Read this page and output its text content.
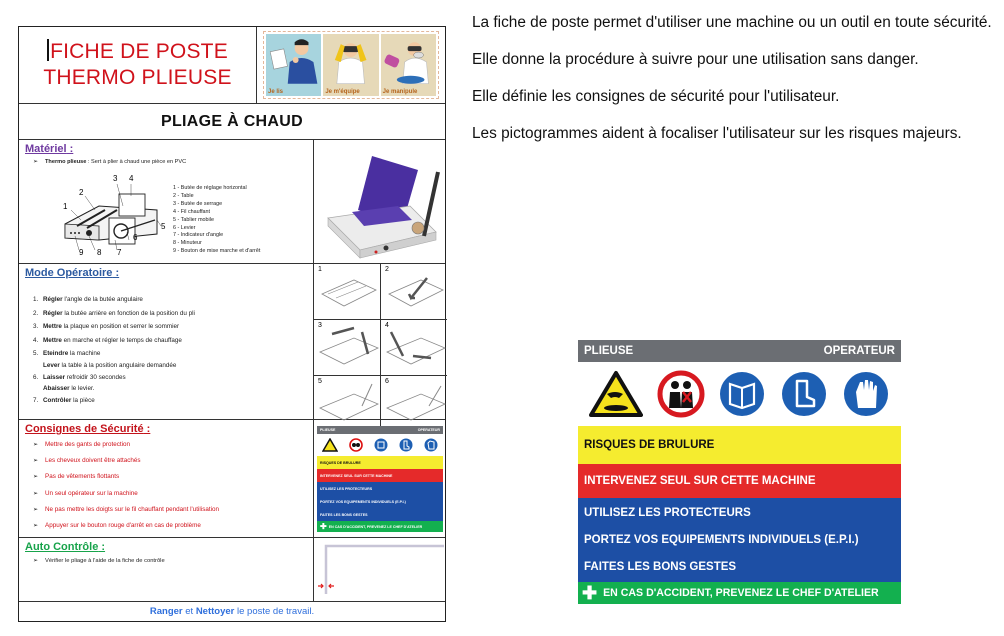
FICHE DE POSTE
THERMO PLIEUSE
Je lis	Je m'équipe	Je manipule
PLIAGE À CHAUD
Matériel :
➢ Thermo plieuse : Sert à plier à chaud une pièce en PVC
1
2
3 4
5
6
7
8
9
1 - Butée de réglage horizontal
2 - Table
3 - Butée de serrage
4 - Fil chauffant
5 - Tablier mobile
6 - Levier
7 - Indicateur d'angle
8 - Minuteur
9 - Bouton de mise marche et d'arrêt
Mode Opératoire :
1. Régler l'angle de la butée angulaire
2. Régler la butée arrière en fonction de la position du pli
3. Mettre la plaque en position et serrer le sommier
4. Mettre en marche et régler le temps de chauffage
5. Eteindre la machine
Lever la table à la position angulaire demandée
6. Laisser refroidir 30 secondes
Abaisser le levier.
7. Contrôler la pièce
1	2
3	4
5	6
Consignes de Sécurité :
➢ Mettre des gants de protection
➢ Les cheveux doivent être attachés
➢ Pas de vêtements flottants
➢ Un seul opérateur sur la machine
➢ Ne pas mettre les doigts sur le fil chauffant pendant l'utilisation
➢ Appuyer sur le bouton rouge d'arrêt en cas de problème
PLIEUSE	OPERATEUR
RISQUES DE BRULURE
INTERVENEZ SEUL SUR CETTE MACHINE
UTILISEZ LES PROTECTEURS
PORTEZ VOS EQUIPEMENTS INDIVIDUELS (E.P.I.)
FAITES LES BONS GESTES
✚ EN CAS D'ACCIDENT, PREVENEZ LE CHEF D'ATELIER
Auto Contrôle :
➢ Vérifier le pliage à l'aide de la fiche de contrôle
Ranger et Nettoyer le poste de travail.

La fiche de poste permet d'utiliser une machine ou un outil en toute sécurité.

Elle donne la procédure à suivre pour une utilisation sans danger.

Elle définie les consignes de sécurité pour l'utilisateur.

Les pictogrammes aident à focaliser l'utilisateur sur les risques majeurs.

PLIEUSE	OPERATEUR
RISQUES DE BRULURE
INTERVENEZ SEUL SUR CETTE MACHINE
UTILISEZ LES PROTECTEURS
PORTEZ VOS EQUIPEMENTS INDIVIDUELS (E.P.I.)
FAITES LES BONS GESTES
✚ EN CAS D'ACCIDENT, PREVENEZ LE CHEF D'ATELIER
